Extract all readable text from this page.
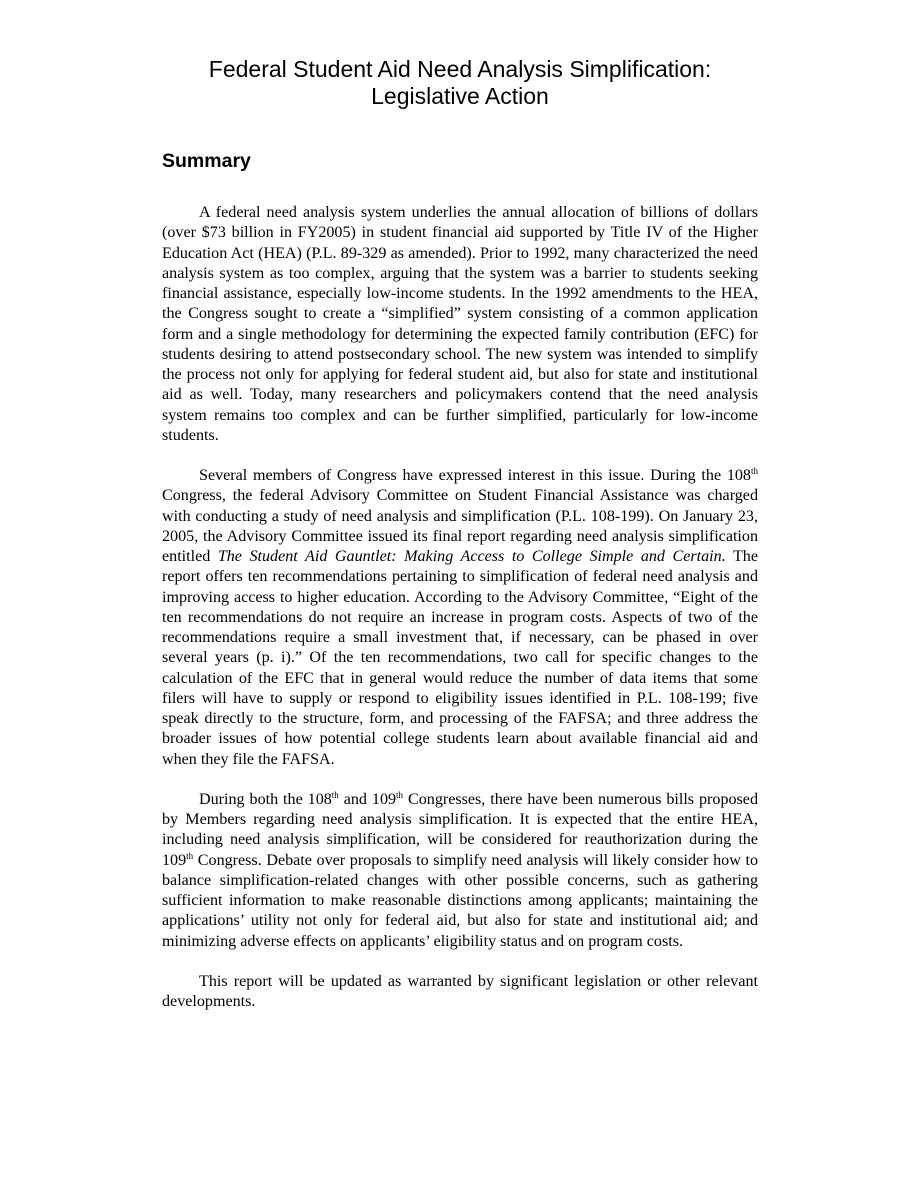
Federal Student Aid Need Analysis Simplification:
Legislative Action
Summary

A federal need analysis system underlies the annual allocation of billions of dollars (over $73 billion in FY2005) in student financial aid supported by Title IV of the Higher Education Act (HEA) (P.L. 89-329 as amended). Prior to 1992, many characterized the need analysis system as too complex, arguing that the system was a barrier to students seeking financial assistance, especially low-income students. In the 1992 amendments to the HEA, the Congress sought to create a “simplified” system consisting of a common application form and a single methodology for determining the expected family contribution (EFC) for students desiring to attend postsecondary school. The new system was intended to simplify the process not only for applying for federal student aid, but also for state and institutional aid as well. Today, many researchers and policymakers contend that the need analysis system remains too complex and can be further simplified, particularly for low-income students.

Several members of Congress have expressed interest in this issue. During the 108th Congress, the federal Advisory Committee on Student Financial Assistance was charged with conducting a study of need analysis and simplification (P.L. 108-199). On January 23, 2005, the Advisory Committee issued its final report regarding need analysis simplification entitled The Student Aid Gauntlet: Making Access to College Simple and Certain. The report offers ten recommendations pertaining to simplification of federal need analysis and improving access to higher education. According to the Advisory Committee, “Eight of the ten recommendations do not require an increase in program costs. Aspects of two of the recommendations require a small investment that, if necessary, can be phased in over several years (p. i).” Of the ten recommendations, two call for specific changes to the calculation of the EFC that in general would reduce the number of data items that some filers will have to supply or respond to eligibility issues identified in P.L. 108-199; five speak directly to the structure, form, and processing of the FAFSA; and three address the broader issues of how potential college students learn about available financial aid and when they file the FAFSA.

During both the 108th and 109th Congresses, there have been numerous bills proposed by Members regarding need analysis simplification. It is expected that the entire HEA, including need analysis simplification, will be considered for reauthorization during the 109th Congress. Debate over proposals to simplify need analysis will likely consider how to balance simplification-related changes with other possible concerns, such as gathering sufficient information to make reasonable distinctions among applicants; maintaining the applications’ utility not only for federal aid, but also for state and institutional aid; and minimizing adverse effects on applicants’ eligibility status and on program costs.

This report will be updated as warranted by significant legislation or other relevant developments.
